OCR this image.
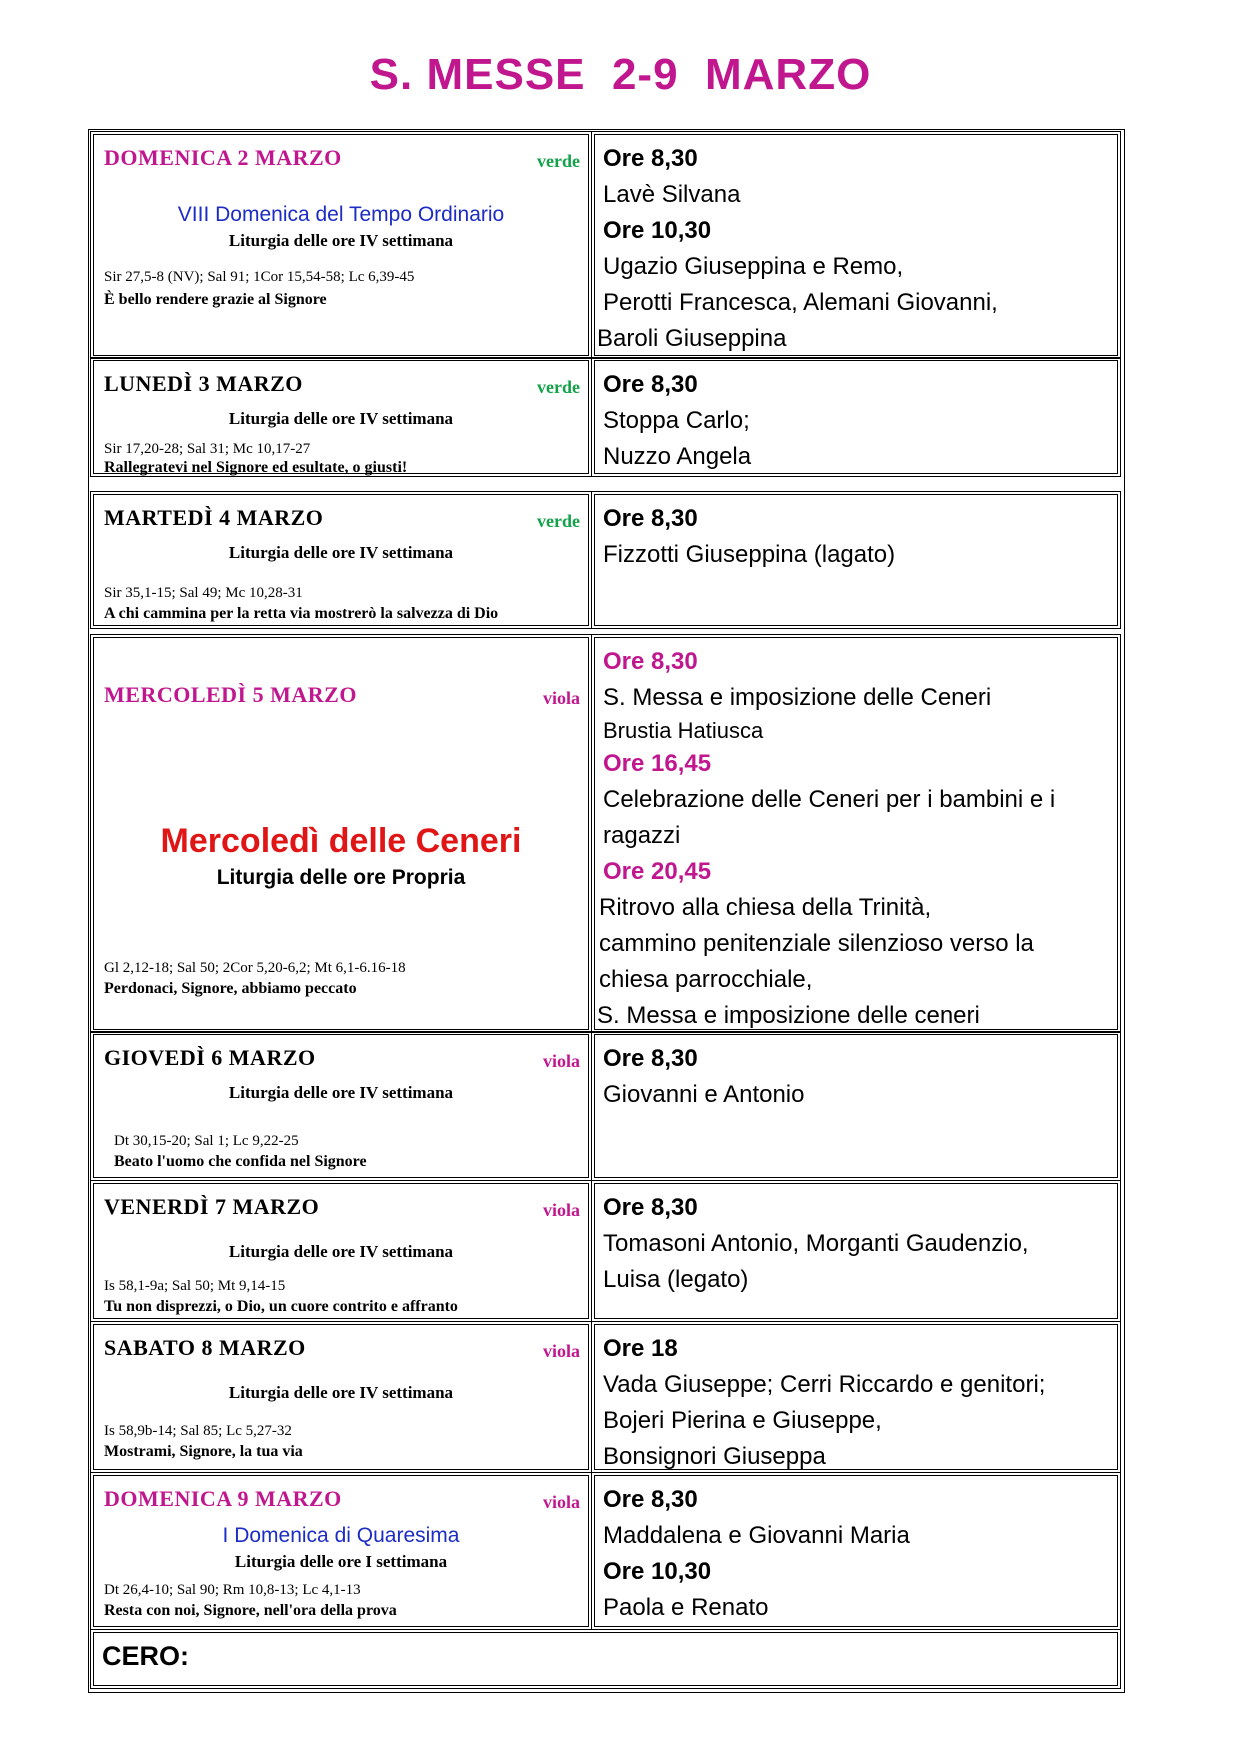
S. MESSE  2-9  MARZO
DOMENICA 2 MARZO	verde
VIII Domenica del Tempo Ordinario
Liturgia delle ore IV settimana
Sir 27,5-8 (NV); Sal 91; 1Cor 15,54-58; Lc 6,39-45
È bello rendere grazie al Signore
Ore 8,30
Lavè Silvana
Ore 10,30
Ugazio Giuseppina e Remo,
Perotti Francesca, Alemani Giovanni,
Baroli Giuseppina
LUNEDÌ 3 MARZO	verde
Liturgia delle ore IV settimana
Sir 17,20-28; Sal 31; Mc 10,17-27
Rallegratevi nel Signore ed esultate, o giusti!
Ore 8,30
Stoppa Carlo;
Nuzzo Angela
MARTEDÌ 4 MARZO	verde
Liturgia delle ore IV settimana
Sir 35,1-15; Sal 49; Mc 10,28-31
A chi cammina per la retta via mostrerò la salvezza di Dio
Ore 8,30
Fizzotti Giuseppina (lagato)
MERCOLEDÌ 5 MARZO	viola
Mercoledì delle Ceneri
Liturgia delle ore Propria
Gl 2,12-18; Sal 50; 2Cor 5,20-6,2; Mt 6,1-6.16-18
Perdonaci, Signore, abbiamo peccato
Ore 8,30
S. Messa e imposizione delle Ceneri
Brustia Hatiusca
Ore 16,45
Celebrazione delle Ceneri per i bambini e i
ragazzi
Ore 20,45
Ritrovo alla chiesa della Trinità,
cammino penitenziale silenzioso verso la
chiesa parrocchiale,
S. Messa e imposizione delle ceneri
GIOVEDÌ 6 MARZO	viola
Liturgia delle ore IV settimana
Dt 30,15-20; Sal 1; Lc 9,22-25
Beato l'uomo che confida nel Signore
Ore 8,30
Giovanni e Antonio
VENERDÌ 7 MARZO	viola
Liturgia delle ore IV settimana
Is 58,1-9a; Sal 50; Mt 9,14-15
Tu non disprezzi, o Dio, un cuore contrito e affranto
Ore 8,30
Tomasoni Antonio, Morganti Gaudenzio,
Luisa (legato)
SABATO 8 MARZO	viola
Liturgia delle ore IV settimana
Is 58,9b-14; Sal 85; Lc 5,27-32
Mostrami, Signore, la tua via
Ore 18
Vada Giuseppe; Cerri Riccardo e genitori;
Bojeri Pierina e Giuseppe,
Bonsignori Giuseppa
DOMENICA 9 MARZO	viola
I Domenica di Quaresima
Liturgia delle ore I settimana
Dt 26,4-10; Sal 90; Rm 10,8-13; Lc 4,1-13
Resta con noi, Signore, nell'ora della prova
Ore 8,30
Maddalena e Giovanni Maria
Ore 10,30
Paola e Renato
CERO:
